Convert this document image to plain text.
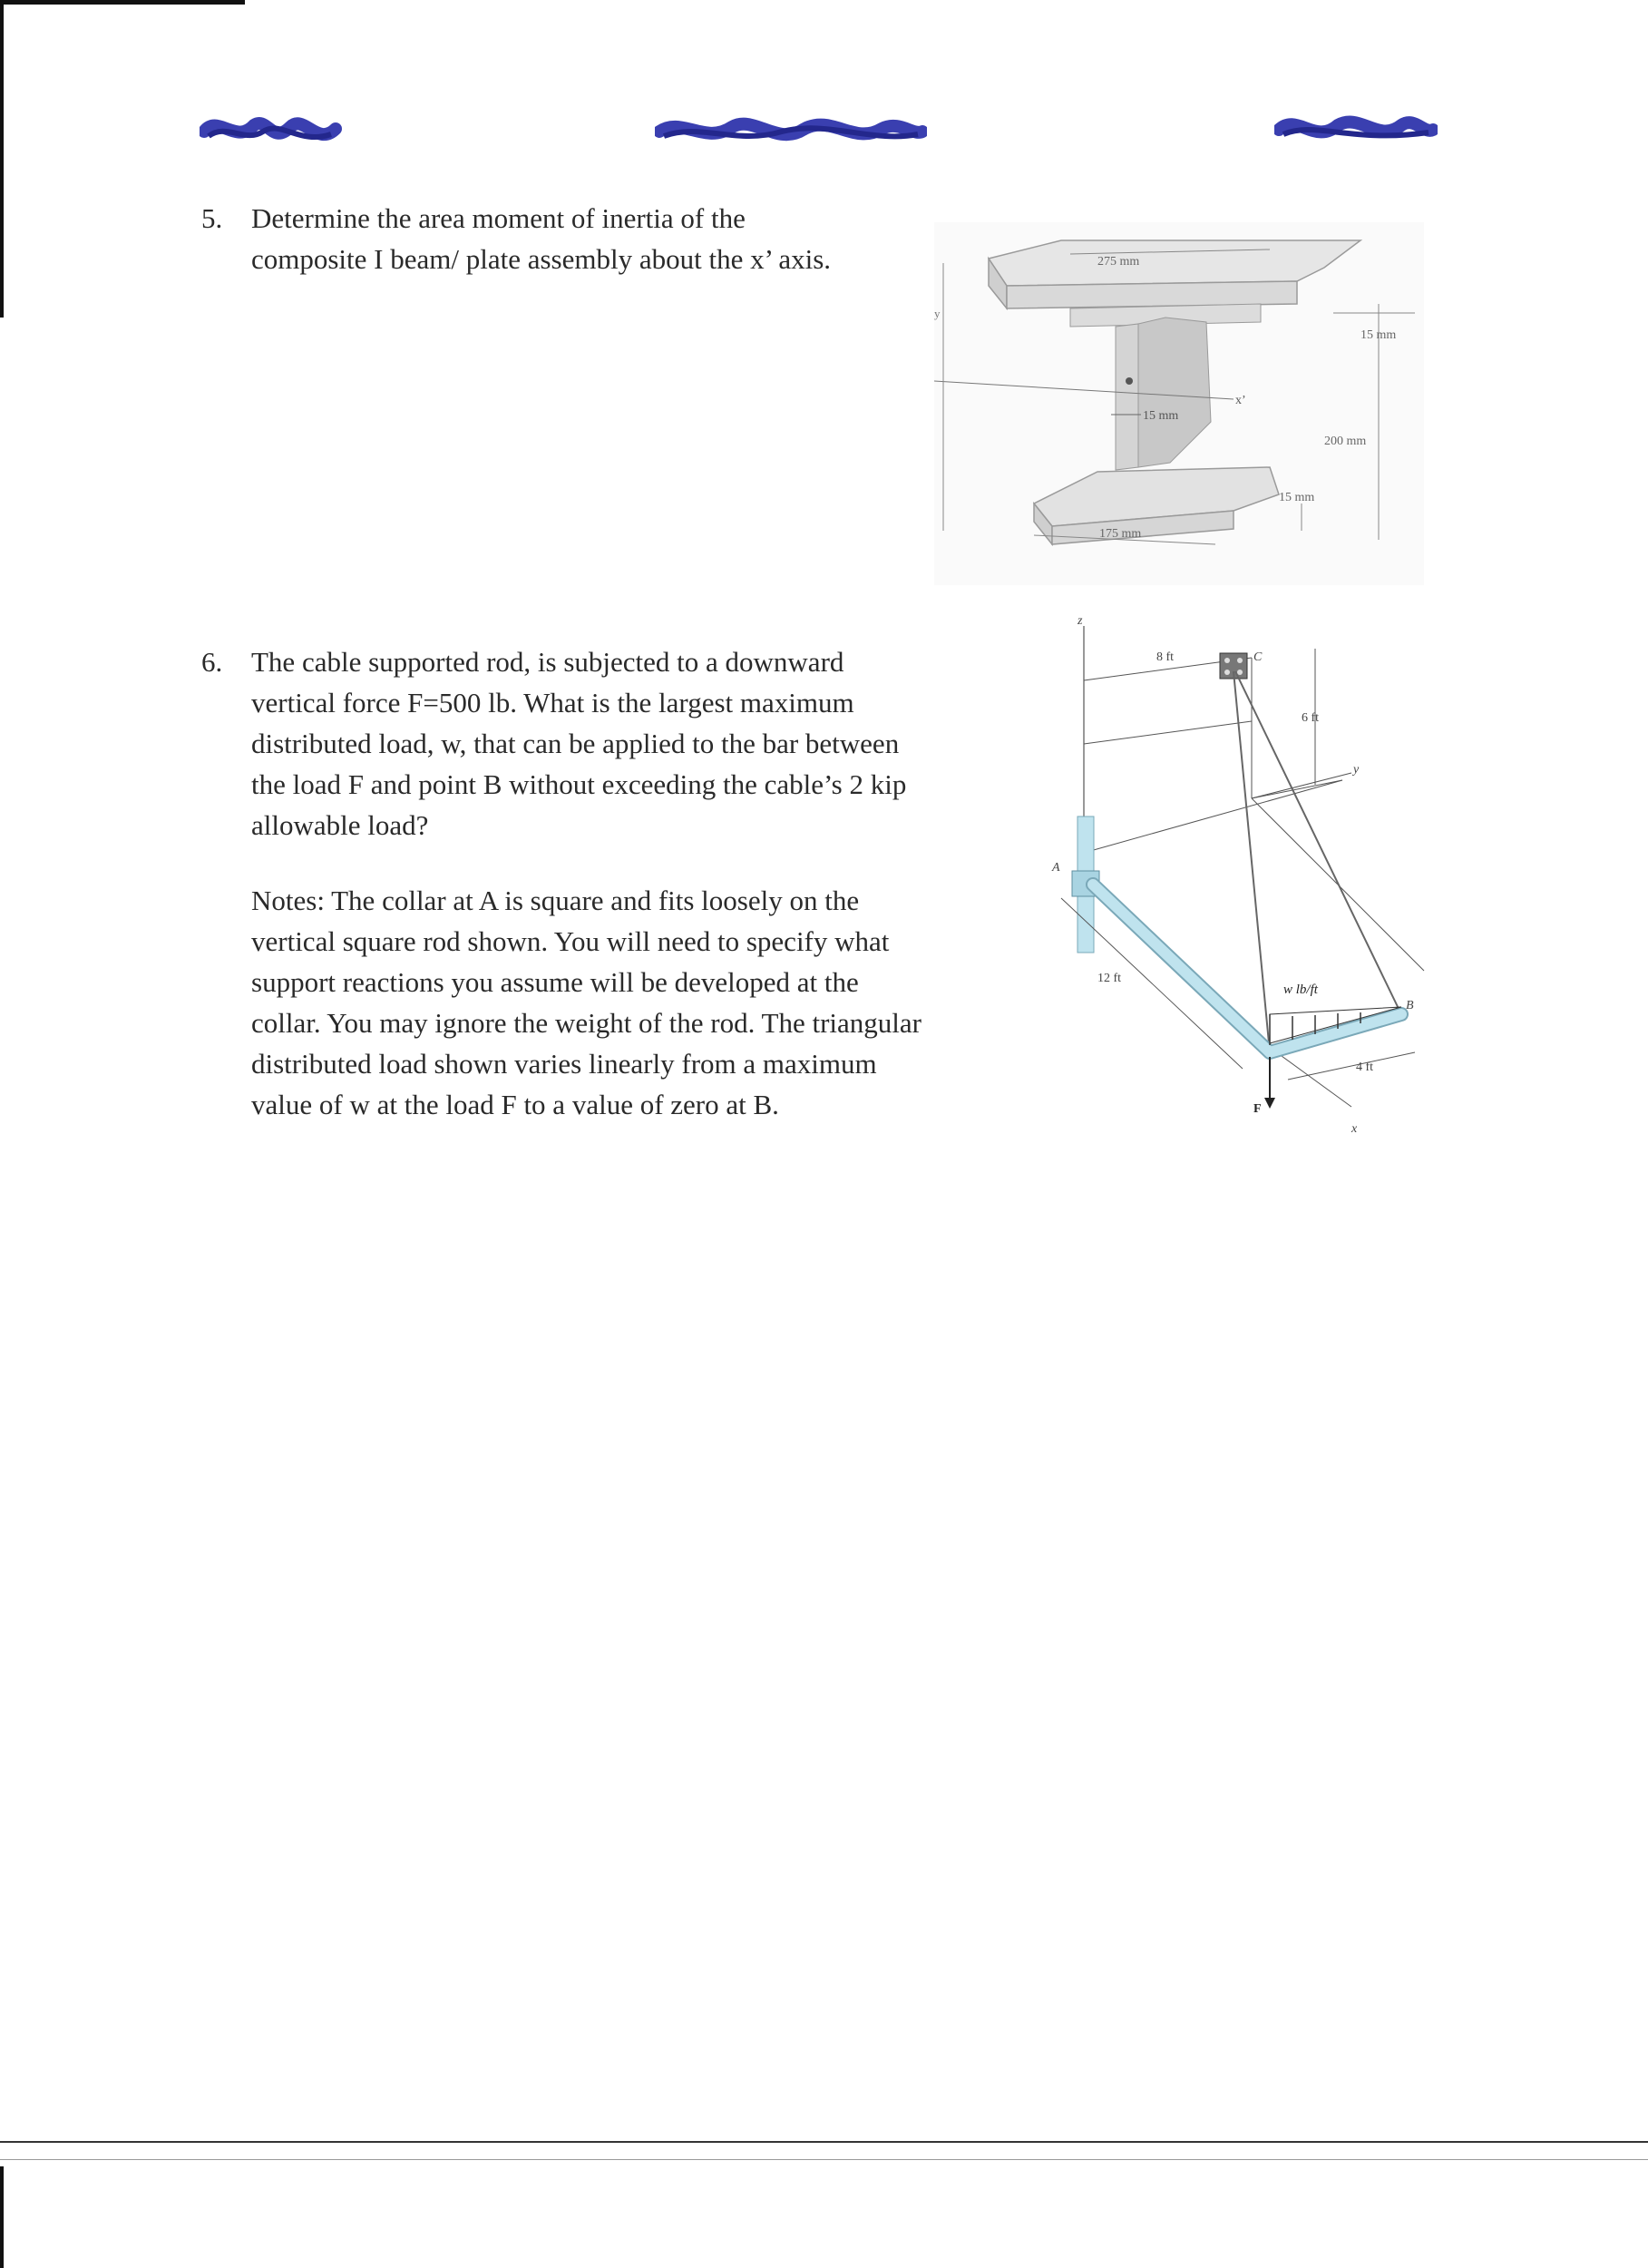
5. Determine the area moment of inertia of the

composite I beam/ plate assembly about the x’ axis.

x’
y
275 mm
15 mm
200 mm
15 mm
15 mm
175 mm
6. The cable supported rod, is subjected to a downward

vertical force F=500 lb. What is the largest maximum

distributed load, w, that can be applied to the bar between

the load F and point B without exceeding the cable’s 2 kip

allowable load?

Notes: The collar at A is square and fits loosely on the

vertical square rod shown. You will need to specify what

support reactions you assume will be developed at the

collar. You may ignore the weight of the rod. The triangular

distributed load shown varies linearly from a maximum

value of w at the load F to a value of zero at B.

z
8 ft	C
6 ft
y
x
A
B
12 ft
w lb/ft
4 ft
F
